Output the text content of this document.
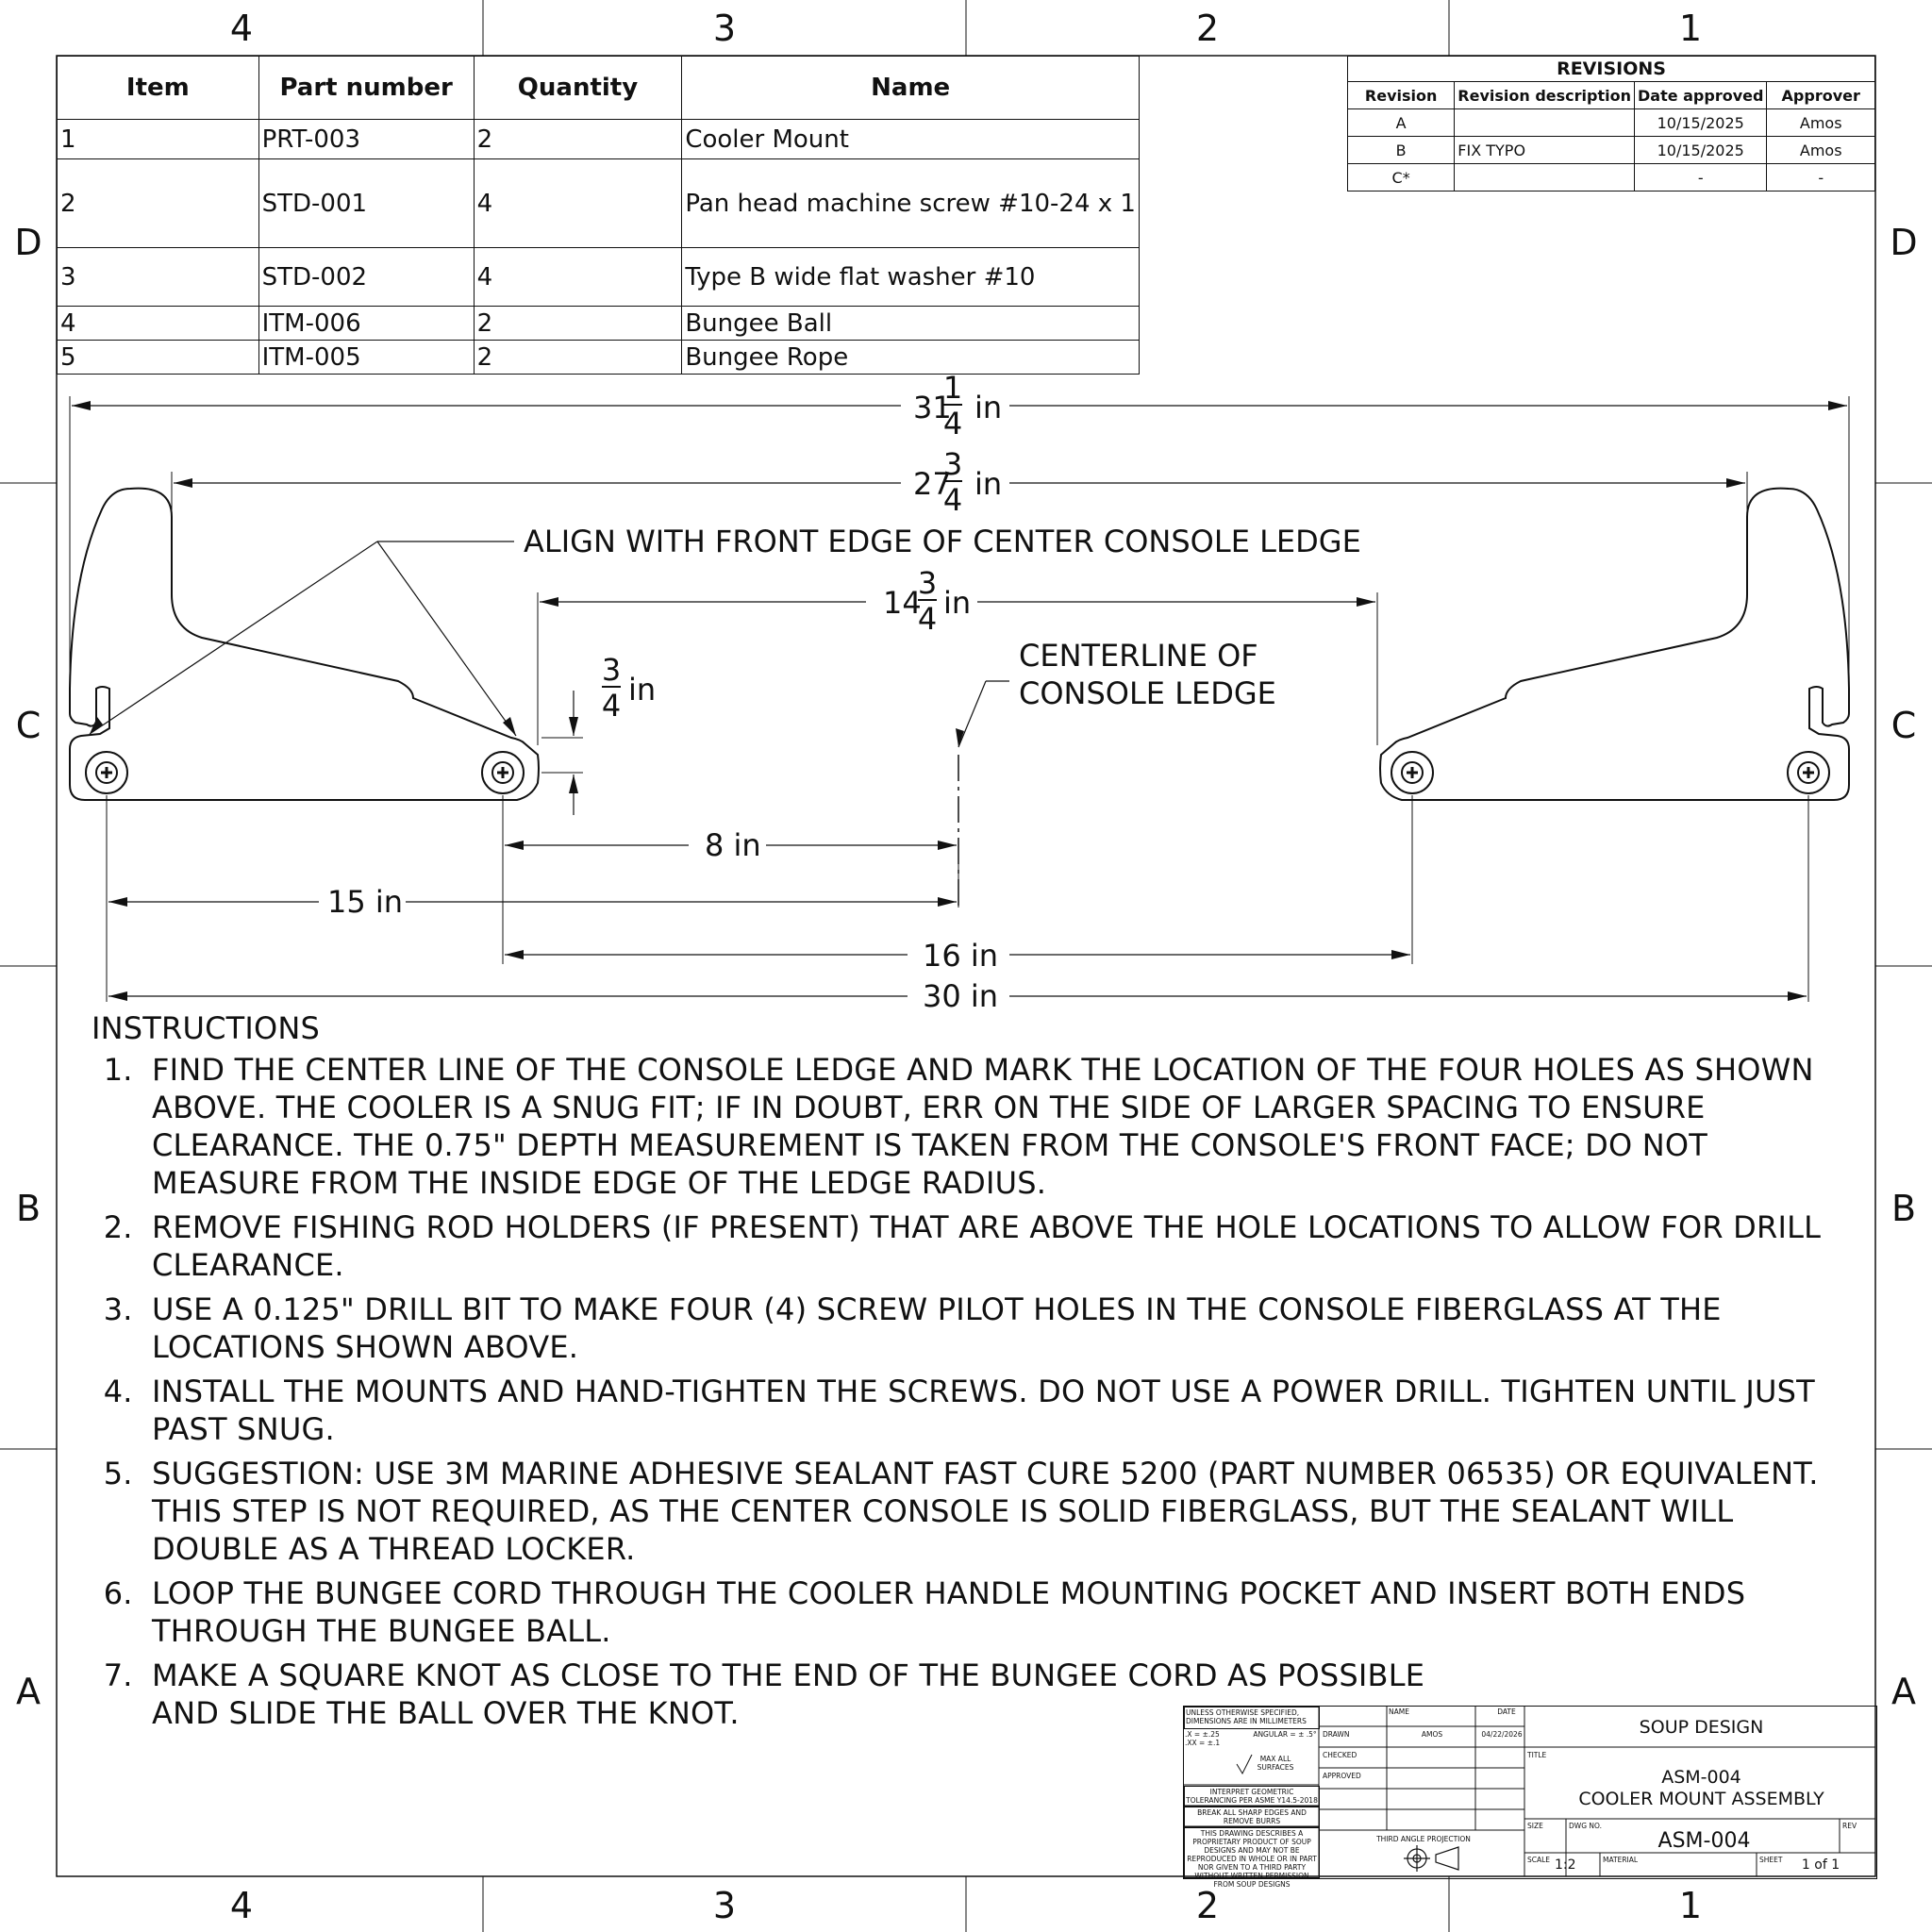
4	3	2	1
4	3	2	1
D
C
B
A
D
C
B
A
31
1
4 in
27
3
4 in
14
3
4 in
3
4 in
8 in
15 in
16 in
30 in
ALIGN WITH FRONT EDGE OF CENTER CONSOLE LEDGE
CENTERLINE OF
CONSOLE LEDGE
Item	Part number	Quantity	Name
1	PRT-003	2	Cooler Mount
2	STD-001	4	Pan head machine screw #10-24 x 1
3	STD-002	4	Type B wide flat washer #10
4	ITM-006	2	Bungee Ball
5	ITM-005	2	Bungee Rope
REVISIONS			
Revision	Revision description	Date approved	Approver
A		10/15/2025	Amos
B	FIX TYPO	10/15/2025	Amos
C*		-	-
INSTRUCTIONS
1. FIND THE CENTER LINE OF THE CONSOLE LEDGE AND MARK THE LOCATION OF THE FOUR HOLES AS SHOWN ABOVE. THE COOLER IS A SNUG FIT; IF IN DOUBT, ERR ON THE SIDE OF LARGER SPACING TO ENSURE CLEARANCE. THE 0.75" DEPTH MEASUREMENT IS TAKEN FROM THE CONSOLE'S FRONT FACE; DO NOT MEASURE FROM THE INSIDE EDGE OF THE LEDGE RADIUS.
2. REMOVE FISHING ROD HOLDERS (IF PRESENT) THAT ARE ABOVE THE HOLE LOCATIONS TO ALLOW FOR DRILL CLEARANCE.
3. USE A 0.125" DRILL BIT TO MAKE FOUR (4) SCREW PILOT HOLES IN THE CONSOLE FIBERGLASS AT THE LOCATIONS SHOWN ABOVE.
4. INSTALL THE MOUNTS AND HAND-TIGHTEN THE SCREWS. DO NOT USE A POWER DRILL. TIGHTEN UNTIL JUST PAST SNUG.
5. SUGGESTION: USE 3M MARINE ADHESIVE SEALANT FAST CURE 5200 (PART NUMBER 06535) OR EQUIVALENT. THIS STEP IS NOT REQUIRED, AS THE CENTER CONSOLE IS SOLID FIBERGLASS, BUT THE SEALANT WILL DOUBLE AS A THREAD LOCKER.
6. LOOP THE BUNGEE CORD THROUGH THE COOLER HANDLE MOUNTING POCKET AND INSERT BOTH ENDS THROUGH THE BUNGEE BALL.
7. MAKE A SQUARE KNOT AS CLOSE TO THE END OF THE BUNGEE CORD AS POSSIBLE AND SLIDE THE BALL OVER THE KNOT.	UNLESS OTHERWISE SPECIFIED, DIMENSIONS ARE IN MILLIMETERS
.X = ±.25
.XX = ±.1
ANGULAR = ± .5°
MAX ALL SURFACES
INTERPRET GEOMETRIC TOLERANCING PER ASME Y14.5-2018
BREAK ALL SHARP EDGES AND REMOVE BURRS
THIS DRAWING DESCRIBES A PROPRIETARY PRODUCT OF SOUP DESIGNS AND MAY NOT BE REPRODUCED IN WHOLE OR IN PART NOR GIVEN TO A THIRD PARTY WITHOUT WRITTEN PERMISSION FROM SOUP DESIGNS
NAME	DATE
DRAWN	AMOS	04/22/2026
CHECKED
APPROVED
THIRD ANGLE PROJECTION
SOUP DESIGN
TITLE
ASM-004
COOLER MOUNT ASSEMBLY
SIZE	DWG NO.
ASM-004
REV
SCALE 1:2	MATERIAL	SHEET	1 of 1
